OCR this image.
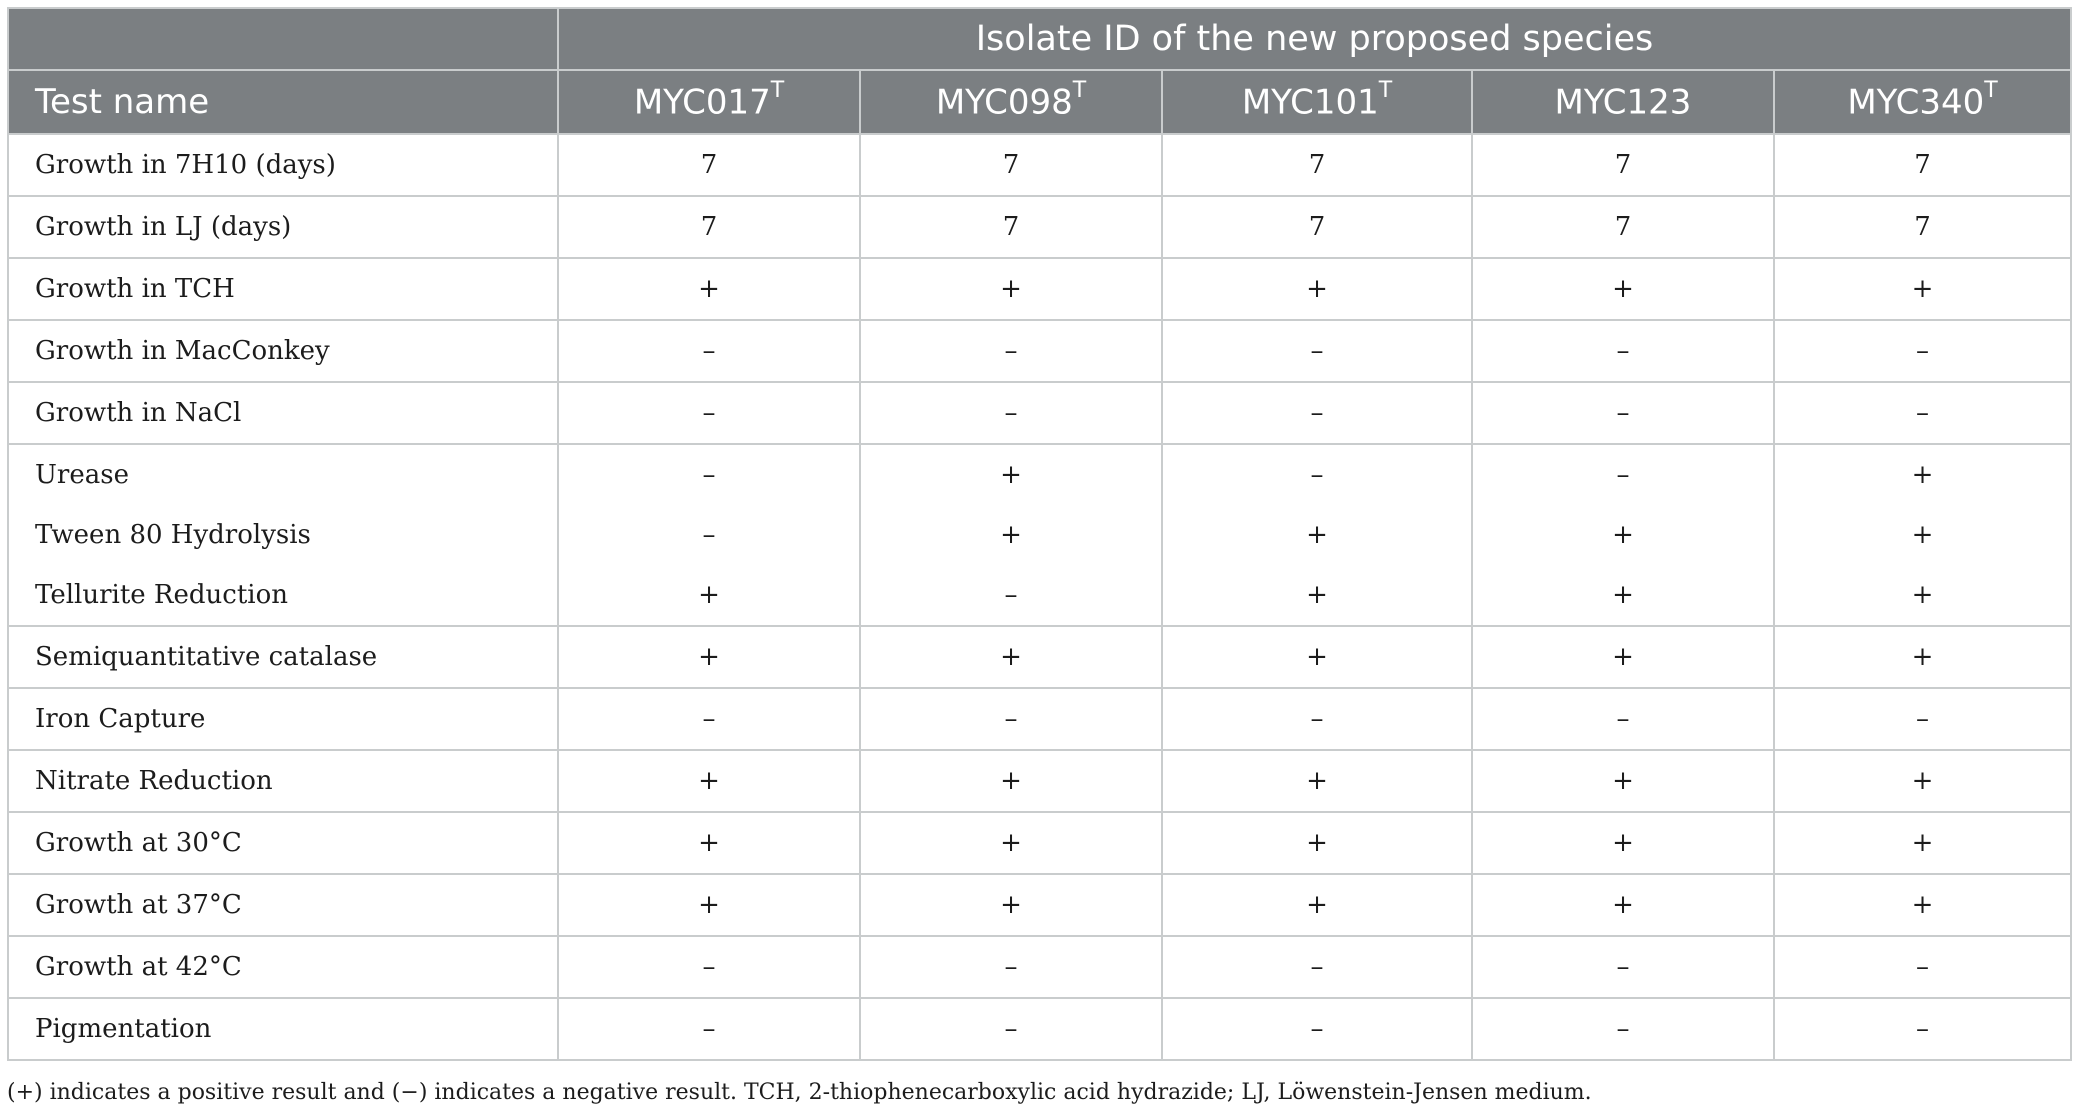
	Isolate ID of the new proposed species				
Test name	$MYC017^T$	$MYC098^T$	$MYC101^T$	MYC123	$MYC340^T$
Growth in 7H10 (days)	7	7	7	7	7
Growth in LJ (days)	7	7	7	7	7
Growth in TCH	+	+	+	+	+
Growth in MacConkey	–	–	–	–	–
Growth in NaCl	–	–	–	–	–
Urease	–	+	–	–	+
Tween 80 Hydrolysis	–	+	+	+	+
Tellurite Reduction	+	–	+	+	+
Semiquantitative catalase	+	+	+	+	+
Iron Capture	–	–	–	–	–
Nitrate Reduction	+	+	+	+	+
Growth at 30°C	+	+	+	+	+
Growth at 37°C	+	+	+	+	+
Growth at 42°C	–	–	–	–	–
Pigmentation	–	–	–	–	–
(+) indicates a positive result and (−) indicates a negative result. TCH, 2-thiophenecarboxylic acid hydrazide; LJ, Löwenstein-Jensen medium.
